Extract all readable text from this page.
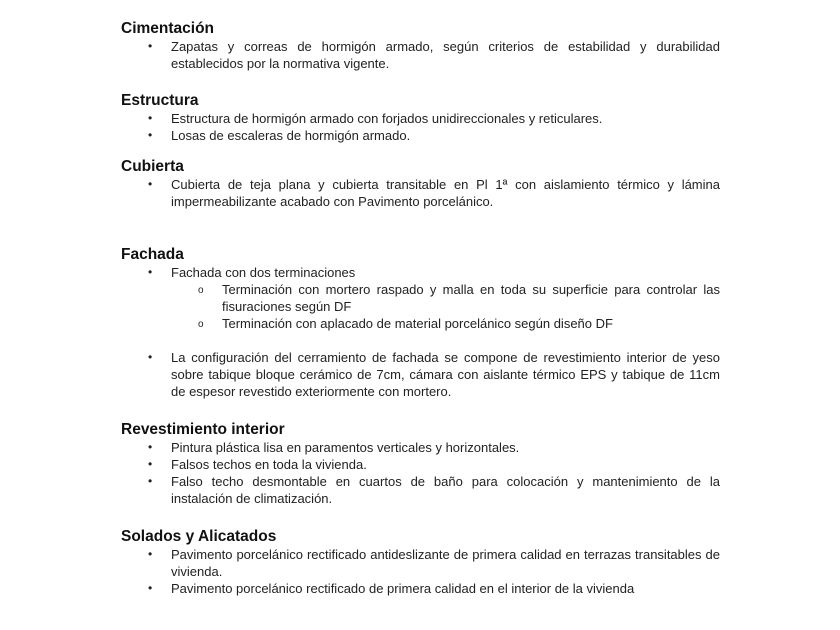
Cimentación
• Zapatas y correas de hormigón armado, según criterios de estabilidad y durabilidad establecidos por la normativa vigente.
Estructura
• Estructura de hormigón armado con forjados unidireccionales y reticulares.
• Losas de escaleras de hormigón armado.
Cubierta
• Cubierta de teja plana y cubierta transitable en Pl 1ª con aislamiento térmico y lámina impermeabilizante acabado con Pavimento porcelánico.
Fachada
• Fachada con dos terminaciones
o Terminación con mortero raspado y malla en toda su superficie para controlar las fisuraciones según DF
o Terminación con aplacado de material porcelánico según diseño DF
• La configuración del cerramiento de fachada se compone de revestimiento interior de yeso sobre tabique bloque cerámico de 7cm, cámara con aislante térmico EPS y tabique de 11cm de espesor revestido exteriormente con mortero.
Revestimiento interior
• Pintura plástica lisa en paramentos verticales y horizontales.
• Falsos techos en toda la vivienda.
• Falso techo desmontable en cuartos de baño para colocación y mantenimiento de la instalación de climatización.
Solados y Alicatados
• Pavimento porcelánico rectificado antideslizante de primera calidad en terrazas transitables de vivienda.
• Pavimento porcelánico rectificado de primera calidad en el interior de la vivienda
